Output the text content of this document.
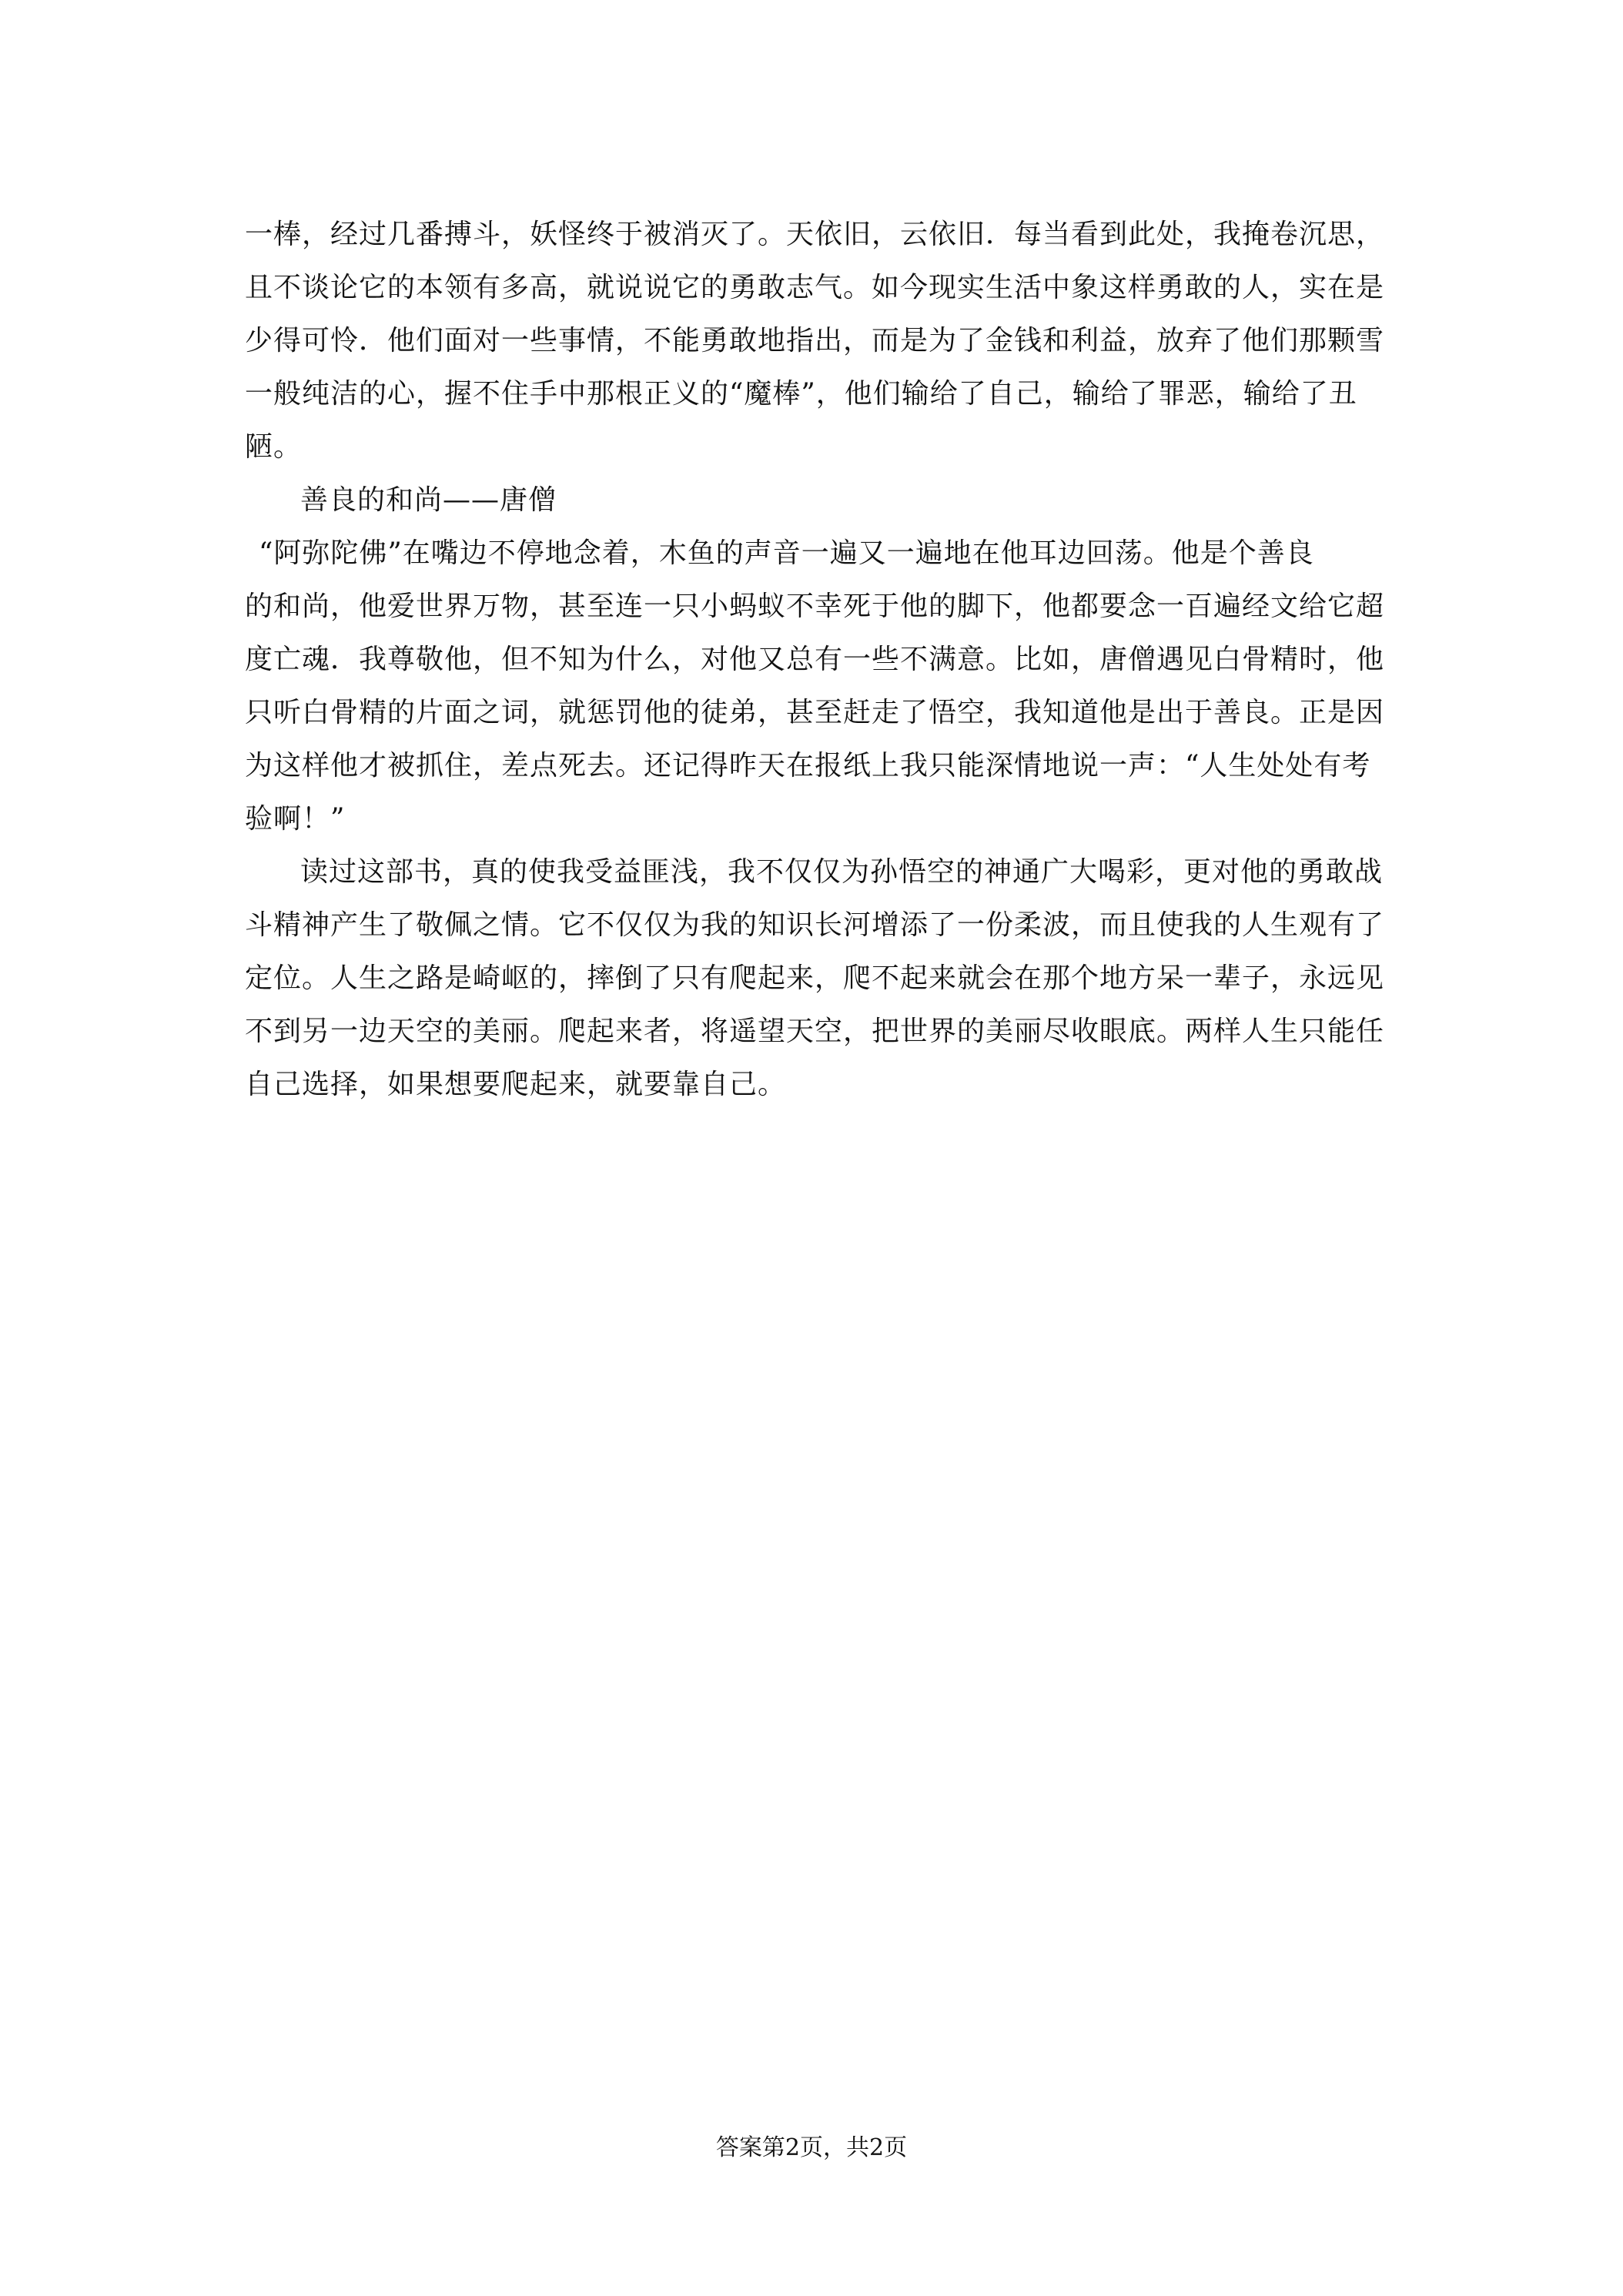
一棒，经过几番搏斗，妖怪终于被消灭了。天依旧，云依旧．每当看到此处，我掩卷沉思，
且不谈论它的本领有多高，就说说它的勇敢志气。如今现实生活中象这样勇敢的人，实在是
少得可怜．他们面对一些事情，不能勇敢地指出，而是为了金钱和利益，放弃了他们那颗雪
一般纯洁的心，握不住手中那根正义的“魔棒”，他们输给了自己，输给了罪恶，输给了丑
陋。

善良的和尚——唐僧

“阿弥陀佛”在嘴边不停地念着，木鱼的声音一遍又一遍地在他耳边回荡。他是个善良
的和尚，他爱世界万物，甚至连一只小蚂蚁不幸死于他的脚下，他都要念一百遍经文给它超
度亡魂．我尊敬他，但不知为什么，对他又总有一些不满意。比如，唐僧遇见白骨精时，他
只听白骨精的片面之词，就惩罚他的徒弟，甚至赶走了悟空，我知道他是出于善良。正是因
为这样他才被抓住，差点死去。还记得昨天在报纸上我只能深情地说一声：“人生处处有考
验啊！”

读过这部书，真的使我受益匪浅，我不仅仅为孙悟空的神通广大喝彩，更对他的勇敢战
斗精神产生了敬佩之情。它不仅仅为我的知识长河增添了一份柔波，而且使我的人生观有了
定位。人生之路是崎岖的，摔倒了只有爬起来，爬不起来就会在那个地方呆一辈子，永远见
不到另一边天空的美丽。爬起来者，将遥望天空，把世界的美丽尽收眼底。两样人生只能任
自己选择，如果想要爬起来，就要靠自己。

答案第2页，共2页
